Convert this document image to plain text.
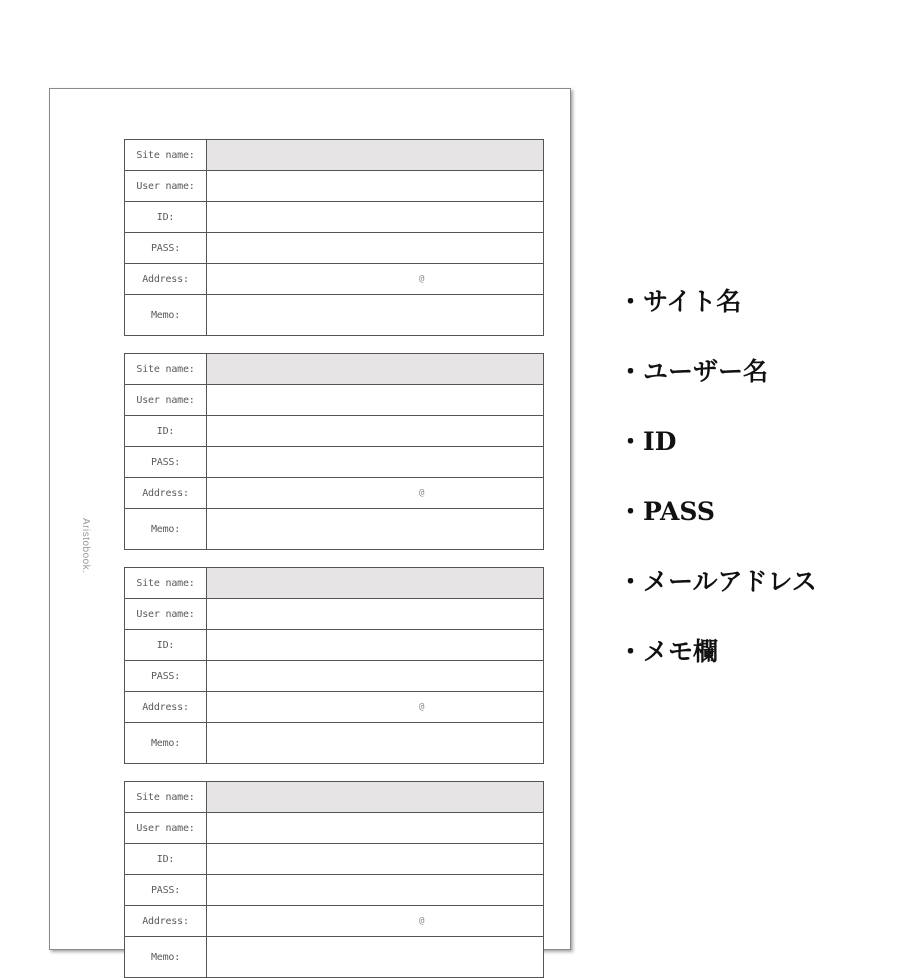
Aristobook.
Site name:
User name:
ID:
PASS:
Address:	@
Memo:
Site name:
User name:
ID:
PASS:
Address:	@
Memo:
Site name:
User name:
ID:
PASS:
Address:	@
Memo:
Site name:
User name:
ID:
PASS:
Address:	@
Memo:
・サイト名
・ユーザー名
・ID
・PASS
・メールアドレス
・メモ欄
